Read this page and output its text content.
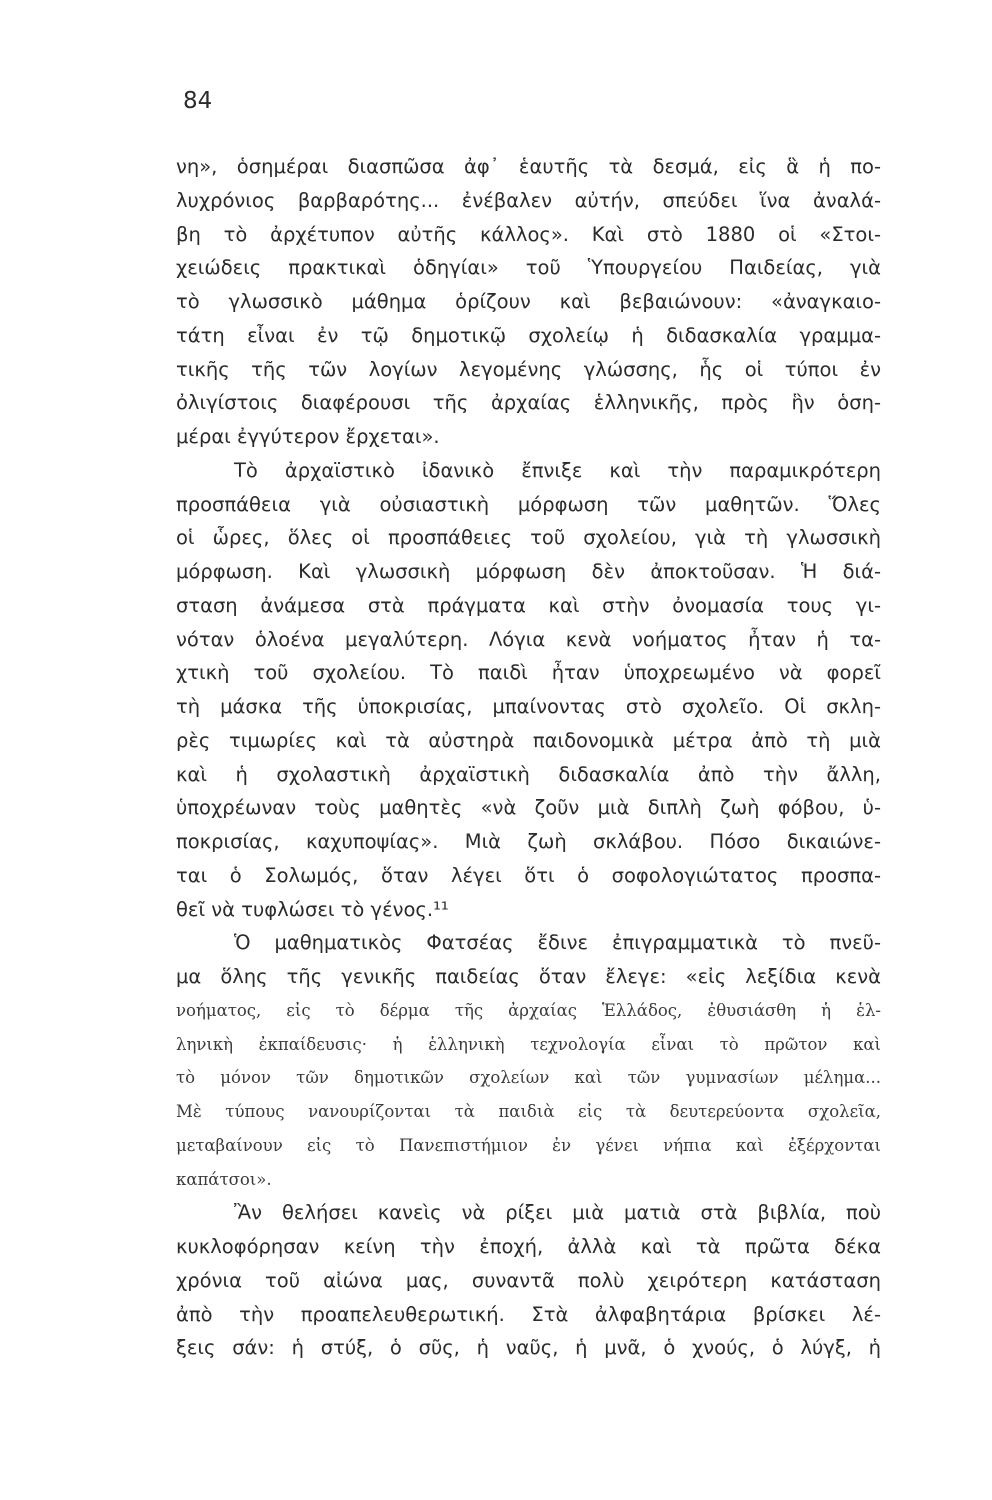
84
νη», ὁσημέραι διασπῶσα ἀφ᾽ ἑαυτῆς τὰ δεσμά, εἰς ἃ ἡ πο-
λυχρόνιος βαρβαρότης... ἐνέβαλεν αὐτήν, σπεύδει ἵνα ἀναλά-
βη τὸ ἀρχέτυπον αὐτῆς κάλλος». Καὶ στὸ 1880 οἱ «Στοι-
χειώδεις πρακτικαὶ ὁδηγίαι» τοῦ Ὑπουργείου Παιδείας, γιὰ
τὸ γλωσσικὸ μάθημα ὁρίζουν καὶ βεβαιώνουν: «ἀναγκαιο-
τάτη εἶναι ἐν τῷ δημοτικῷ σχολείῳ ἡ διδασκαλία γραμμα-
τικῆς τῆς τῶν λογίων λεγομένης γλώσσης, ἧς οἱ τύποι ἐν
ὀλιγίστοις διαφέρουσι τῆς ἀρχαίας ἑλληνικῆς, πρὸς ἣν ὁση-
μέραι ἐγγύτερον ἔρχεται».
Τὸ ἀρχαϊστικὸ ἰδανικὸ ἔπνιξε καὶ τὴν παραμικρότερη
προσπάθεια γιὰ οὐσιαστικὴ μόρφωση τῶν μαθητῶν. Ὅλες
οἱ ὧρες, ὅλες οἱ προσπάθειες τοῦ σχολείου, γιὰ τὴ γλωσσικὴ
μόρφωση. Καὶ γλωσσικὴ μόρφωση δὲν ἀποκτοῦσαν. Ἡ διά-
σταση ἀνάμεσα στὰ πράγματα καὶ στὴν ὀνομασία τους γι-
νόταν ὁλοένα μεγαλύτερη. Λόγια κενὰ νοήματος ἦταν ἡ τα-
χτικὴ τοῦ σχολείου. Τὸ παιδὶ ἦταν ὑποχρεωμένο νὰ φορεῖ
τὴ μάσκα τῆς ὑποκρισίας, μπαίνοντας στὸ σχολεῖο. Οἱ σκλη-
ρὲς τιμωρίες καὶ τὰ αὐστηρὰ παιδονομικὰ μέτρα ἀπὸ τὴ μιὰ
καὶ ἡ σχολαστικὴ ἀρχαϊστικὴ διδασκαλία ἀπὸ τὴν ἄλλη,
ὑποχρέωναν τοὺς μαθητὲς «νὰ ζοῦν μιὰ διπλὴ ζωὴ φόβου, ὑ-
ποκρισίας, καχυποψίας». Μιὰ ζωὴ σκλάβου. Πόσο δικαιώνε-
ται ὁ Σολωμός, ὅταν λέγει ὅτι ὁ σοφολογιώτατος προσπα-
θεῖ νὰ τυφλώσει τὸ γένος.¹¹
Ὁ μαθηματικὸς Φατσέας ἔδινε ἐπιγραμματικὰ τὸ πνεῦ-
μα ὅλης τῆς γενικῆς παιδείας ὅταν ἔλεγε: «εἰς λεξίδια κενὰ
νοήματος, εἰς τὸ δέρμα τῆς ἀρχαίας Ἑλλάδος, ἐθυσιάσθη ἡ ἑλ-
ληνικὴ ἐκπαίδευσις· ἡ ἑλληνικὴ τεχνολογία εἶναι τὸ πρῶτον καὶ
τὸ μόνον τῶν δημοτικῶν σχολείων καὶ τῶν γυμνασίων μέλημα...
Μὲ τύπους νανουρίζονται τὰ παιδιὰ εἰς τὰ δευτερεύοντα σχολεῖα,
μεταβαίνουν εἰς τὸ Πανεπιστήμιον ἐν γένει νήπια καὶ ἐξέρχονται
καπάτσοι».
Ἂν θελήσει κανεὶς νὰ ρίξει μιὰ ματιὰ στὰ βιβλία, ποὺ
κυκλοφόρησαν κείνη τὴν ἐποχή, ἀλλὰ καὶ τὰ πρῶτα δέκα
χρόνια τοῦ αἰώνα μας, συναντᾶ πολὺ χειρότερη κατάσταση
ἀπὸ τὴν προαπελευθερωτική. Στὰ ἀλφαβητάρια βρίσκει λέ-
ξεις σάν: ἡ στύξ, ὁ σῦς, ἡ ναῦς, ἡ μνᾶ, ὁ χνούς, ὁ λύγξ, ἡ
